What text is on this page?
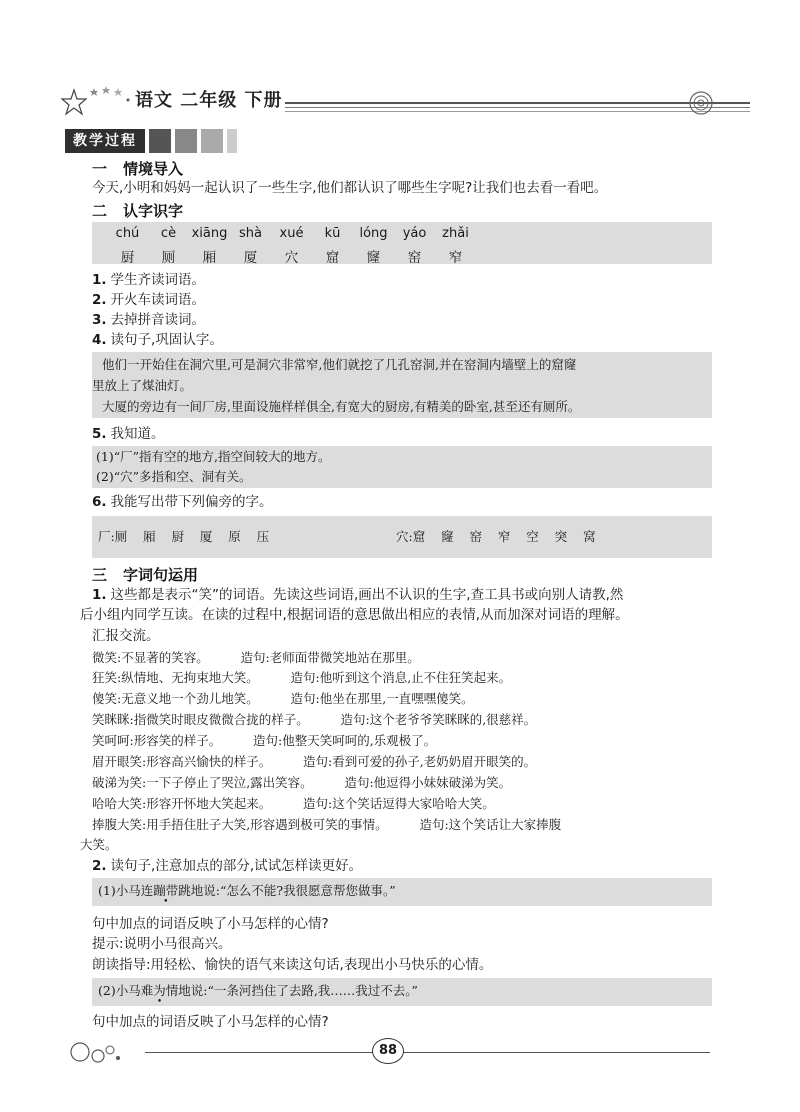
语文 二年级 下册
教学过程
一 情境导入
今天,小明和妈妈一起认识了一些生字,他们都认识了哪些生字呢?让我们也去看一看吧。
二 认字识字
chú	cè	xiāng shà	xué	kū	lóng	yáo	zhǎi
厨	厕	厢	厦	穴	窟	窿	窑	窄
1. 学生齐读词语。
2. 开火车读词语。
3. 去掉拼音读词。
4. 读句子,巩固认字。
他们一开始住在洞穴里,可是洞穴非常窄,他们就挖了几孔窑洞,并在窑洞内墙壁上的窟窿
里放上了煤油灯。
大厦的旁边有一间厂房,里面设施样样俱全,有宽大的厨房,有精美的卧室,甚至还有厕所。
5. 我知道。
(1)“厂”指有空的地方,指空间较大的地方。
(2)“穴”多指和空、洞有关。
6. 我能写出带下列偏旁的字。
厂:厕    厢    厨    厦    原    压	穴:窟    窿    窑    窄    空    突    窝
三 字词句运用
1. 这些都是表示“笑”的词语。先读这些词语,画出不认识的生字,查工具书或向别人请教,然
后小组内同学互读。在读的过程中,根据词语的意思做出相应的表情,从而加深对词语的理解。
汇报交流。
微笑:不显著的笑容。        造句:老师面带微笑地站在那里。
狂笑:纵情地、无拘束地大笑。        造句:他听到这个消息,止不住狂笑起来。
傻笑:无意义地一个劲儿地笑。        造句:他坐在那里,一直嘿嘿傻笑。
笑眯眯:指微笑时眼皮微微合拢的样子。        造句:这个老爷爷笑眯眯的,很慈祥。
笑呵呵:形容笑的样子。        造句:他整天笑呵呵的,乐观极了。
眉开眼笑:形容高兴愉快的样子。        造句:看到可爱的孙子,老奶奶眉开眼笑的。
破涕为笑:一下子停止了哭泣,露出笑容。        造句:他逗得小妹妹破涕为笑。
哈哈大笑:形容开怀地大笑起来。        造句:这个笑话逗得大家哈哈大笑。
捧腹大笑:用手捂住肚子大笑,形容遇到极可笑的事情。        造句:这个笑话让大家捧腹
大笑。
2. 读句子,注意加点的部分,试试怎样读更好。
(1)小马连蹦带跳地说:“怎么不能?我很愿意帮您做事。”
句中加点的词语反映了小马怎样的心情?
提示:说明小马很高兴。
朗读指导:用轻松、愉快的语气来读这句话,表现出小马快乐的心情。
(2)小马难为情地说:“一条河挡住了去路,我……我过不去。”
句中加点的词语反映了小马怎样的心情?
88
